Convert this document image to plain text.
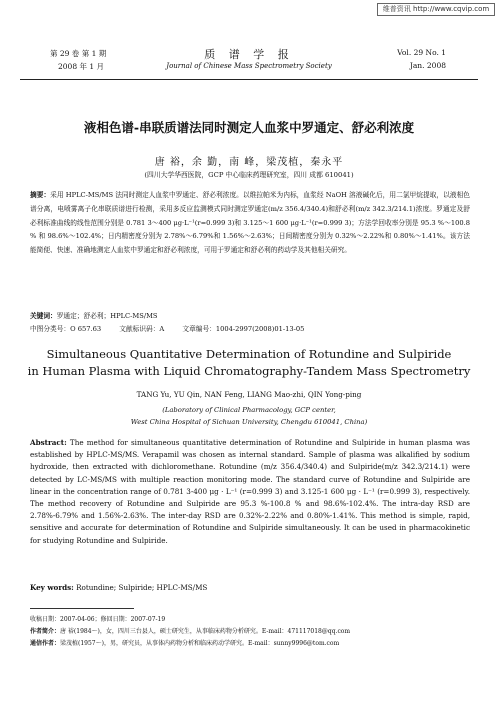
维普资讯 http://www.cqvip.com
第 29 卷 第 1 期
2008 年 1 月
质 谱 学 报
Journal of Chinese Mass Spectrometry Society
Vol. 29 No. 1
Jan. 2008
液相色谱-串联质谱法同时测定人血浆中罗通定、舒必利浓度
唐 裕，余 勤，南 峰，梁茂植，秦永平
(四川大学华西医院，GCP 中心临床药理研究室，四川 成都 610041)

摘要：采用 HPLC-MS/MS 法同时测定人血浆中罗通定、舒必利浓度。以维拉帕米为内标，血浆经 NaOH 溶液碱化后，用二氯甲烷提取，以液相色谱分离，电喷雾离子化串联质谱进行检测，采用多反应监测模式同时测定罗通定(m/z 356.4/340.4)和舒必利(m/z 342.3/214.1)浓度。罗通定及舒必利标准曲线的线性范围分别是 0.781 3～400 μg·L⁻¹(r=0.999 3)和 3.125～1 600 μg·L⁻¹(r=0.999 3)；方法学回收率分别是 95.3 %～100.8 % 和 98.6%～102.4%；日内精密度分别为 2.78%～6.79%和 1.56%～2.63%；日间精密度分别为 0.32%～2.22%和 0.80%～1.41%。该方法能简便、快速、准确地测定人血浆中罗通定和舒必利浓度，可用于罗通定和舒必利的药动学及其他相关研究。

关键词：罗通定；舒必利；HPLC-MS/MS
中图分类号：O 657.63	文献标识码：A	文章编号：1004-2997(2008)01-13-05
Simultaneous Quantitative Determination of Rotundine and Sulpiride
in Human Plasma with Liquid Chromatography-Tandem Mass Spectrometry
TANG Yu, YU Qin, NAN Feng, LIANG Mao-zhi, QIN Yong-ping
(Laboratory of Clinical Pharmacology, GCP center,
West China Hospital of Sichuan University, Chengdu 610041, China)
Abstract: The method for simultaneous quantitative determination of Rotundine and Sulpiride in human plasma was established by HPLC-MS/MS. Verapamil was chosen as internal standard. Sample of plasma was alkalified by sodium hydroxide, then extracted with dichloromethane. Rotundine (m/z 356.4/340.4) and Sulpiride(m/z 342.3/214.1) were detected by LC-MS/MS with multiple reaction monitoring mode. The standard curve of Rotundine and Sulpiride are linear in the concentration range of 0.781 3-400 μg · L⁻¹ (r=0.999 3) and 3.125-1 600 μg · L⁻¹ (r=0.999 3), respectively. The method recovery of Rotundine and Sulpiride are 95.3 %-100.8 % and 98.6%-102.4%. The intra-day RSD are 2.78%-6.79% and 1.56%-2.63%. The inter-day RSD are 0.32%-2.22% and 0.80%-1.41%. This method is simple, rapid, sensitive and accurate for determination of Rotundine and Sulpiride simultaneously. It can be used in pharmacokinetic for studying Rotundine and Sulpiride.
Key words: Rotundine; Sulpiride; HPLC-MS/MS
收稿日期：2007-04-06；修回日期：2007-07-19
作者简介：唐 裕(1984～)，女，四川三台县人，硕士研究生，从事临床药物分析研究。E-mail：471117018@qq.com
通信作者：梁茂植(1957～)，男，研究员，从事体内药物分析和临床药动学研究。E-mail：sunny9996@tom.com
